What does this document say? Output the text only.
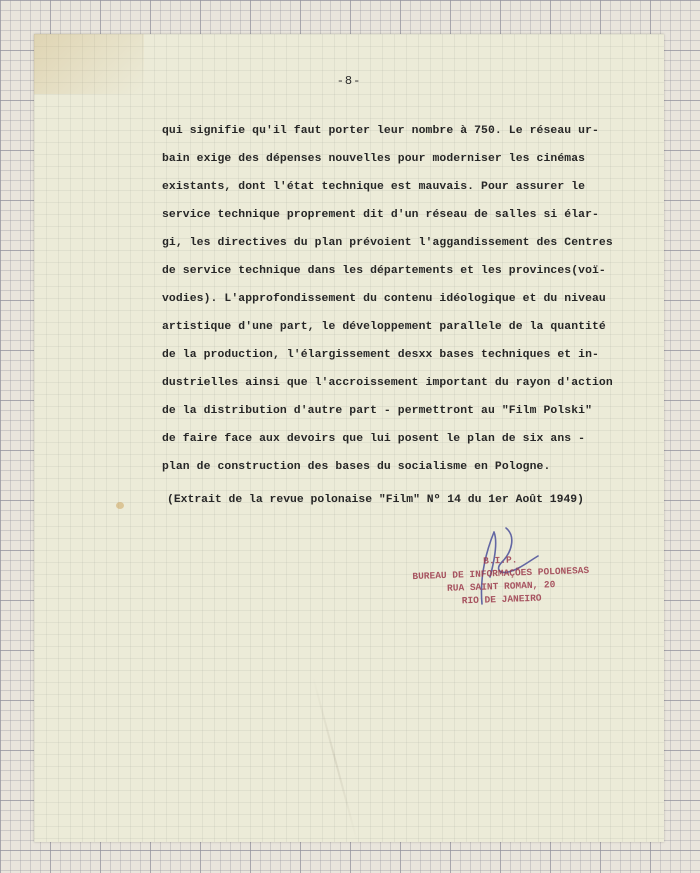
-8-
qui signifie qu'il faut porter leur nombre à 750. Le réseau ur-
bain exige des dépenses nouvelles pour moderniser les cinémas
existants, dont l'état technique est mauvais. Pour assurer le
service technique proprement dit d'un réseau de salles si élar-
gi, les directives du plan prévoient l'aggandissement des Centres
de service technique dans les départements et les provinces(voï-
vodies). L'approfondissement du contenu idéologique et du niveau
artistique d'une part, le développement parallele de la quantité
de la production, l'élargissement desxx bases techniques et in-
dustrielles ainsi que l'accroissement important du rayon d'action
de la distribution d'autre part - permettront au "Film Polski"
de faire face aux devoirs que lui posent le plan de six ans -
plan de construction des bases du socialisme en Pologne.
(Extrait de la revue polonaise "Film" Nº 14 du 1er Août 1949)
B.I.P.
BUREAU DE INFORMAÇÕES POLONESAS
RUA SAINT ROMAN, 20
RIO DE JANEIRO
